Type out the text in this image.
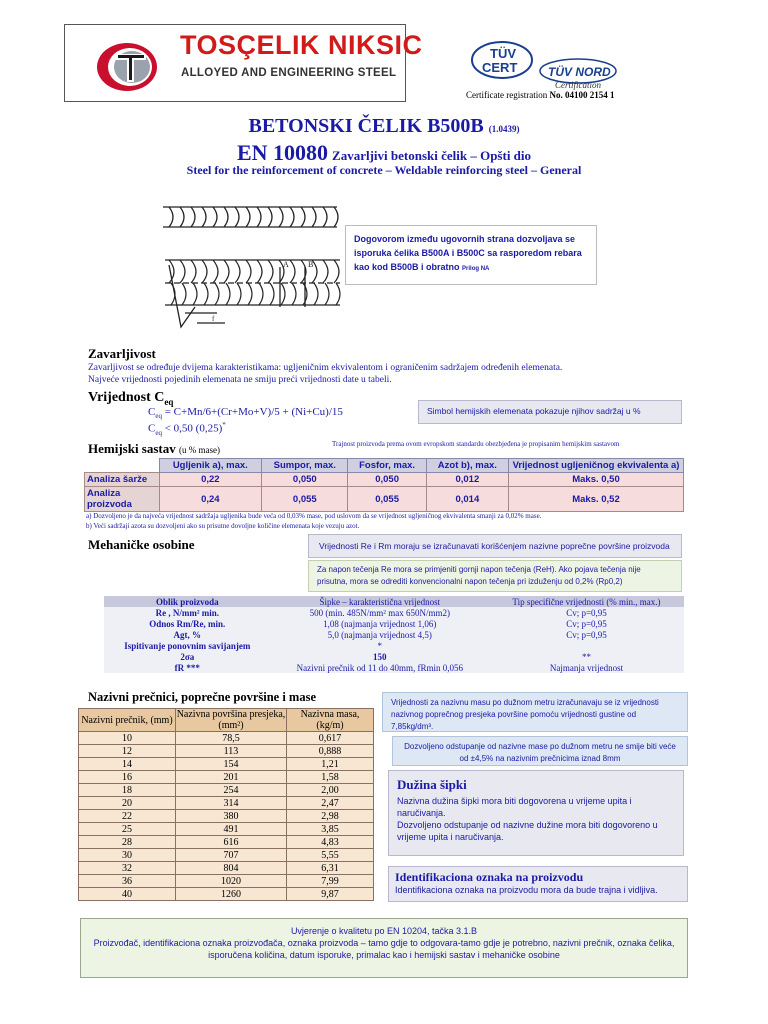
TOSÇELIK NIKSIC
ALLOYED AND ENGINEERING STEEL
TÜV
CERT	TÜV NORD
Certification
Certificate registration No. 04100 2154 1
BETONSKI ČELIK B500B (1.0439)
EN 10080 Zavarljivi betonski čelik – Opšti dio
Steel for the reinforcement of concrete – Weldable reinforcing steel – General
A B
f
Dogovorom između ugovornih strana dozvoljava se isporuka čelika B500A i B500C sa rasporedom rebara kao kod B500B i obratno Prilog NA
Zavarljivost
Zavarljivost se određuje dvijema karakteristikama: uglјeničnim ekvivalentom i ograničenim sadržajem određenih elemenata.
Najveće vrijednosti pojedinih elemenata ne smiju preći vrijednosti date u tabeli.
Vrijednost $C_{eq}$
$C_{eq} = C+Mn/6+(Cr+Mo+V)/5 + (Ni+Cu)/15$
$C_{eq} < 0,50$ (0,25)*
Simbol hemijskih elemenata pokazuje njihov sadržaj u %
Hemijski sastav (u % mase)
Trajnost proizvoda prema ovom evropskom standardu obezbjeđena je propisanim hemijskim sastavom
	Ugljenik a), max.	Sumpor, max.	Fosfor, max.	Azot b), max.	Vrijednost ugljeničnog ekvivalenta a)
Analiza šarže	0,22	0,050	0,050	0,012	Maks. 0,50
Analiza proizvoda	0,24	0,055	0,055	0,014	Maks. 0,52
a) Dozvoljeno je da najveća vrijednost sadržaja ugljenika bude veća od 0,03% mase, pod uslovom da se vrijednost ugljeničnog ekvivalenta smanji za 0,02% mase.
b) Veći sadržaji azota su dozvoljeni ako su prisutne dovoljne količine elemenata koje vezuju azot.
Mehaničke osobine	Vrijednosti Re i Rm moraju se izračunavati korišćenjem nazivne poprečne površine proizvoda
Za napon tečenja Re mora se primjeniti gornji napon tečenja (ReH). Ako pojava tečenja nije prisutna, mora se odrediti konvencionalni napon tečenja pri izduženju od 0,2% (Rp0,2)
Oblik proizvoda	Šipke – karakteristična vrijednost	Tip specifične vrijednosti (% min., max.)
Re , N/mm² min.	500 (min. 485N/mm² max 650N/mm2)	Cv; p=0,95
Odnos Rm/Re, min.	1,08 (najmanja vrijednost 1,06)	Cv; p=0,95
Agt, %	5,0 (najmanja vrijednost 4,5)	Cv; p=0,95
Ispitivanje ponovnim savijanjem	*	
2σa	150	**
fR ***	Nazivni prečnik od 11 do 40mm, fRmin 0,056	Najmanja vrijednost
Nazivni prečnici, poprečne površine i mase
Nazivni prečnik, (mm)	Nazivna površina presjeka, (mm²)	Nazivna masa, (kg/m)
10	78,5	0,617
12	113	0,888
14	154	1,21
16	201	1,58
18	254	2,00
20	314	2,47
22	380	2,98
25	491	3,85
28	616	4,83
30	707	5,55
32	804	6,31
36	1020	7,99
40	1260	9,87
Vrijednosti za nazivnu masu po dužnom metru izračunavaju se iz vrijednosti nazivnog poprečnog presjeka površine pomoću vrijednosti gustine od 7,85kg/dm³.
Dozvoljeno odstupanje od nazivne mase po dužnom metru ne smije biti veće od ±4,5% na nazivnim prečnicima iznad 8mm
Dužina šipki
Nazivna dužina šipki mora biti dogovorena u vrijeme upita i naručivanja.
Dozvoljeno odstupanje od nazivne dužine mora biti dogovoreno u vrijeme upita i naručivanja.
Identifikaciona oznaka na proizvodu
Identifikaciona oznaka na proizvodu mora da bude trajna i vidljiva.
Uvjerenje o kvalitetu po EN 10204, tačka 3.1.B
Proizvođač, identifikaciona oznaka proizvođača, oznaka proizvoda – tamo gdje to odgovara-tamo gdje je potrebno, nazivni prečnik, oznaka čelika,
isporučena količina, datum isporuke, primalac kao i hemijski sastav i mehaničke osobine
